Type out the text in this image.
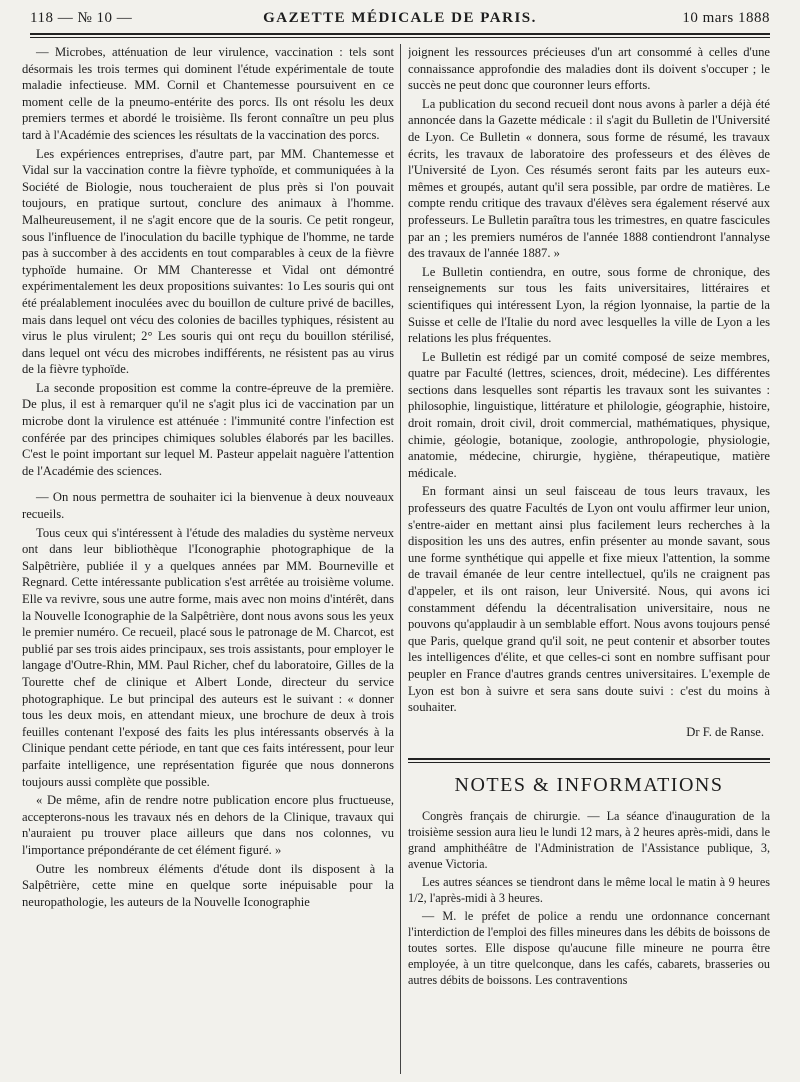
118 — № 10 —	GAZETTE MÉDICALE DE PARIS.	10 mars 1888

— Microbes, atténuation de leur virulence, vaccination : tels sont désormais les trois termes qui dominent l'étude expérimentale de toute maladie infectieuse. MM. Cornil et Chantemesse poursuivent en ce moment celle de la pneumo-entérite des porcs. Ils ont résolu les deux premiers termes et abordé le troisième. Ils feront connaître un peu plus tard à l'Académie des sciences les résultats de la vaccination des porcs.

Les expériences entreprises, d'autre part, par MM. Chantemesse et Vidal sur la vaccination contre la fièvre typhoïde, et communiquées à la Société de Biologie, nous toucheraient de plus près si l'on pouvait toujours, en pratique surtout, conclure des animaux à l'homme. Malheureusement, il ne s'agit encore que de la souris. Ce petit rongeur, sous l'influence de l'inoculation du bacille typhique de l'homme, ne tarde pas à succomber à des accidents en tout comparables à ceux de la fièvre typhoïde humaine. Or MM Chanteresse et Vidal ont démontré expérimentalement les deux propositions suivantes: 1o Les souris qui ont été préalablement inoculées avec du bouillon de culture privé de bacilles, mais dans lequel ont vécu des colonies de bacilles typhiques, résistent au virus le plus virulent; 2° Les souris qui ont reçu du bouillon stérilisé, dans lequel ont vécu des microbes indifférents, ne résistent pas au virus de la fièvre typhoïde.

La seconde proposition est comme la contre-épreuve de la première. De plus, il est à remarquer qu'il ne s'agit plus ici de vaccination par un microbe dont la virulence est atténuée : l'immunité contre l'infection est conférée par des principes chimiques solubles élaborés par les bacilles. C'est le point important sur lequel M. Pasteur appelait naguère l'attention de l'Académie des sciences.

— On nous permettra de souhaiter ici la bienvenue à deux nouveaux recueils.

Tous ceux qui s'intéressent à l'étude des maladies du système nerveux ont dans leur bibliothèque l'Iconographie photographique de la Salpêtrière, publiée il y a quelques années par MM. Bourneville et Regnard. Cette intéressante publication s'est arrêtée au troisième volume. Elle va revivre, sous une autre forme, mais avec non moins d'intérêt, dans la Nouvelle Iconographie de la Salpêtrière, dont nous avons sous les yeux le premier numéro. Ce recueil, placé sous le patronage de M. Charcot, est publié par ses trois aides principaux, ses trois assistants, pour employer le langage d'Outre-Rhin, MM. Paul Richer, chef du laboratoire, Gilles de la Tourette chef de clinique et Albert Londe, directeur du service photographique. Le but principal des auteurs est le suivant : « donner tous les deux mois, en attendant mieux, une brochure de deux à trois feuilles contenant l'exposé des faits les plus intéressants observés à la Clinique pendant cette période, en tant que ces faits intéressent, pour leur parfaite intelligence, une représentation figurée que nous donnerons toujours aussi complète que possible.

« De même, afin de rendre notre publication encore plus fructueuse, accepterons-nous les travaux nés en dehors de la Clinique, travaux qui n'auraient pu trouver place ailleurs que dans nos colonnes, vu l'importance prépondérante de cet élément figuré. »

Outre les nombreux éléments d'étude dont ils disposent à la Salpêtrière, cette mine en quelque sorte inépuisable pour la neuropathologie, les auteurs de la Nouvelle Iconographie

joignent les ressources précieuses d'un art consommé à celles d'une connaissance approfondie des maladies dont ils doivent s'occuper ; le succès ne peut donc que couronner leurs efforts.

La publication du second recueil dont nous avons à parler a déjà été annoncée dans la Gazette médicale : il s'agit du Bulletin de l'Université de Lyon. Ce Bulletin « donnera, sous forme de résumé, les travaux écrits, les travaux de laboratoire des professeurs et des élèves de l'Université de Lyon. Ces résumés seront faits par les auteurs eux-mêmes et groupés, autant qu'il sera possible, par ordre de matières. Le compte rendu critique des travaux d'élèves sera également réservé aux professeurs. Le Bulletin paraîtra tous les trimestres, en quatre fascicules par an ; les premiers numéros de l'année 1888 contiendront l'annalyse des travaux de l'année 1887. »

Le Bulletin contiendra, en outre, sous forme de chronique, des renseignements sur tous les faits universitaires, littéraires et scientifiques qui intéressent Lyon, la région lyonnaise, la partie de la Suisse et celle de l'Italie du nord avec lesquelles la ville de Lyon a les relations les plus fréquentes.

Le Bulletin est rédigé par un comité composé de seize membres, quatre par Faculté (lettres, sciences, droit, médecine). Les différentes sections dans lesquelles sont répartis les travaux sont les suivantes : philosophie, linguistique, littérature et philologie, géographie, histoire, droit romain, droit civil, droit commercial, mathématiques, physique, chimie, géologie, botanique, zoologie, anthropologie, physiologie, anatomie, médecine, chirurgie, hygiène, thérapeutique, matière médicale.

En formant ainsi un seul faisceau de tous leurs travaux, les professeurs des quatre Facultés de Lyon ont voulu affirmer leur union, s'entre-aider en mettant ainsi plus facilement leurs recherches à la disposition les uns des autres, enfin présenter au monde savant, sous une forme synthétique qui appelle et fixe mieux l'attention, la somme de travail émanée de leur centre intellectuel, qu'ils ne craignent pas d'appeler, et ils ont raison, leur Université. Nous, qui avons ici constamment défendu la décentralisation universitaire, nous ne pouvons qu'applaudir à un semblable effort. Nous avons toujours pensé que Paris, quelque grand qu'il soit, ne peut contenir et absorber toutes les intelligences d'élite, et que celles-ci sont en nombre suffisant pour peupler en France d'autres grands centres universitaires. L'exemple de Lyon est bon à suivre et sera sans doute suivi : c'est du moins à souhaiter.

Dr F. de Ranse.
NOTES & INFORMATIONS

Congrès français de chirurgie. — La séance d'inauguration de la troisième session aura lieu le lundi 12 mars, à 2 heures après-midi, dans le grand amphithéâtre de l'Administration de l'Assistance publique, 3, avenue Victoria.

Les autres séances se tiendront dans le même local le matin à 9 heures 1/2, l'après-midi à 3 heures.

— M. le préfet de police a rendu une ordonnance concernant l'interdiction de l'emploi des filles mineures dans les débits de boissons de toutes sortes. Elle dispose qu'aucune fille mineure ne pourra être employée, à un titre quelconque, dans les cafés, cabarets, brasseries ou autres débits de boissons. Les contraventions
